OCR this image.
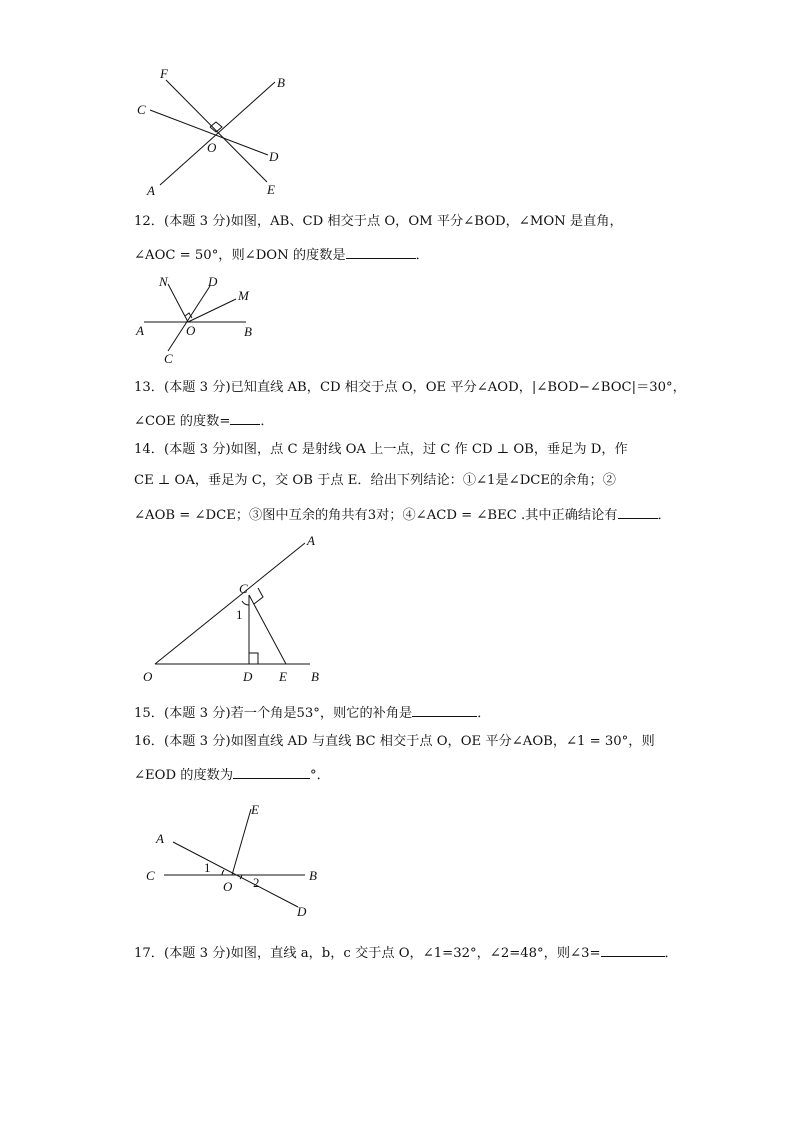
F
B
C
O
D
A	E
12．(本题 3 分)如图，AB、CD 相交于点 O，OM 平分∠BOD，∠MON 是直角，
∠AOC = 50°，则∠DON 的度数是	．
N	D
M
A	O	B
C
13．(本题 3 分)已知直线 AB，CD 相交于点 O，OE 平分∠AOD，|∠BOD−∠BOC|＝30°，
∠COE 的度数= ．
14．(本题 3 分)如图，点 C 是射线 OA 上一点，过 C 作 CD ⊥ OB，垂足为 D，作
CE ⊥ OA，垂足为 C，交 OB 于点 E．给出下列结论：①∠1是∠DCE的余角；②
∠AOB = ∠DCE；③图中互余的角共有3对；④∠ACD = ∠BEC .其中正确结论有	．
A
C
1
O	D E B
15．(本题 3 分)若一个角是53°，则它的补角是	．
16．(本题 3 分)如图直线 AD 与直线 BC 相交于点 O，OE 平分∠AOB，∠1 = 30°，则
∠EOD 的度数为	°．
E
A
C
1
O 2	B
D
17．(本题 3 分)如图，直线 a，b，c 交于点 O，∠1=32°，∠2=48°，则∠3=	．
